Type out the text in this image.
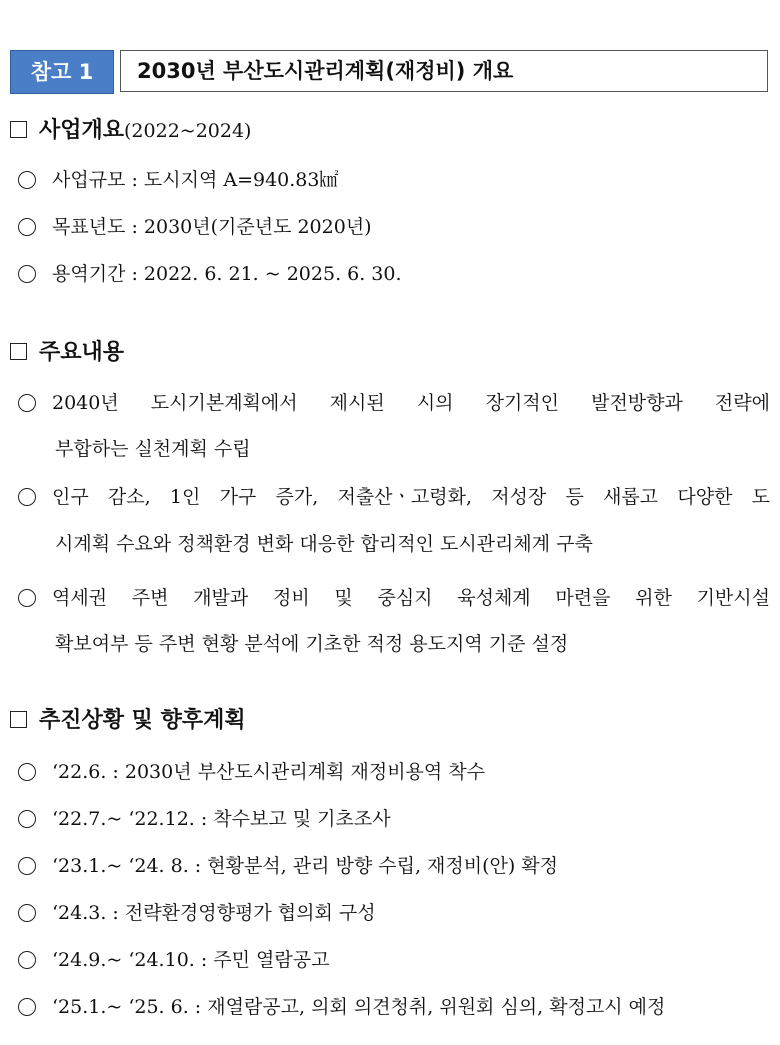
참고 1	2030년 부산도시관리계획(재정비) 개요
사업개요(2022~2024)
사업규모 : 도시지역 A=940.83㎢
목표년도 : 2030년(기준년도 2020년)
용역기간 : 2022. 6. 21. ~ 2025. 6. 30.
주요내용
2040년 도시기본계획에서 제시된 시의 장기적인 발전방향과 전략에
부합하는 실천계획 수립
인구 감소, 1인 가구 증가, 저출산ㆍ고령화, 저성장 등 새롭고 다양한 도
시계획 수요와 정책환경 변화 대응한 합리적인 도시관리체계 구축
역세권 주변 개발과 정비 및 중심지 육성체계 마련을 위한 기반시설
확보여부 등 주변 현황 분석에 기초한 적정 용도지역 기준 설정
추진상황 및 향후계획
‘22.6. : 2030년 부산도시관리계획 재정비용역 착수
‘22.7.~ ‘22.12. : 착수보고 및 기초조사
‘23.1.~ ‘24. 8. : 현황분석, 관리 방향 수립, 재정비(안) 확정
‘24.3. : 전략환경영향평가 협의회 구성
‘24.9.~ ‘24.10. : 주민 열람공고
‘25.1.~ ‘25. 6. : 재열람공고, 의회 의견청취, 위원회 심의, 확정고시 예정
